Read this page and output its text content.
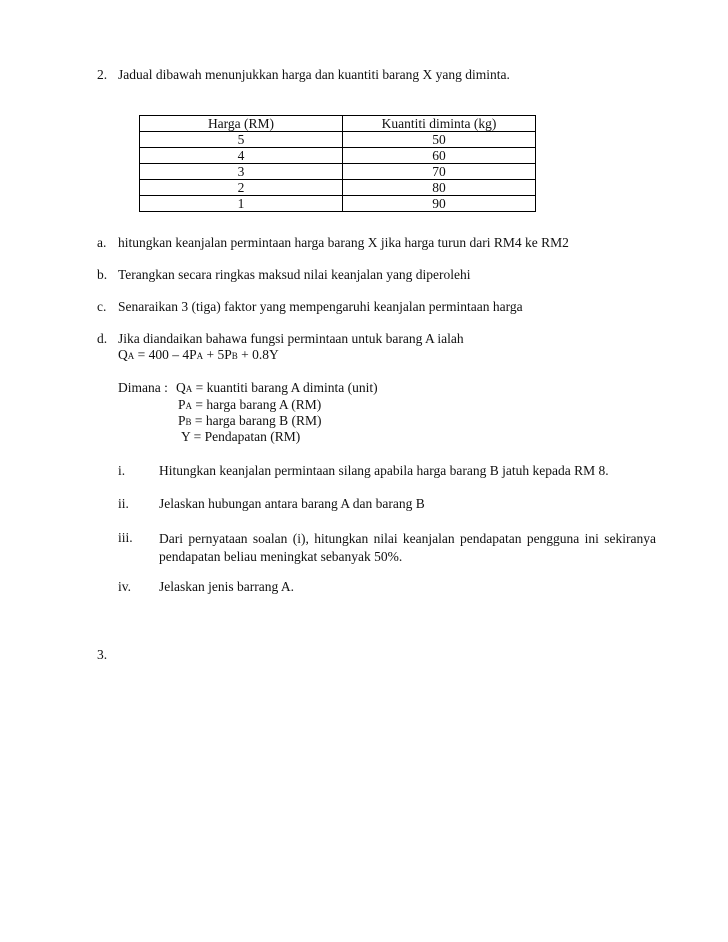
2. Jadual dibawah menunjukkan harga dan kuantiti barang X yang diminta.
Harga (RM)	Kuantiti diminta (kg)
5	50
4	60
3	70
2	80
1	90
a. hitungkan keanjalan permintaan harga barang X jika harga turun dari RM4 ke RM2
b. Terangkan secara ringkas maksud nilai keanjalan yang diperolehi
c. Senaraikan 3 (tiga) faktor yang mempengaruhi keanjalan permintaan harga
d. Jika diandaikan bahawa fungsi permintaan untuk barang A ialah
QA = 400 – 4PA + 5PB + 0.8Y
Dimana : QA = kuantiti barang A diminta (unit)
PA = harga barang A (RM)
PB = harga barang B (RM)
Y = Pendapatan (RM)
i.	Hitungkan keanjalan permintaan silang apabila harga barang B jatuh kepada RM 8.
ii. Jelaskan hubungan antara barang A dan barang B
iii. Dari pernyataan soalan (i), hitungkan nilai keanjalan pendapatan pengguna ini sekiranya pendapatan beliau meningkat sebanyak 50%.
iv. Jelaskan jenis barrang A.
3.
